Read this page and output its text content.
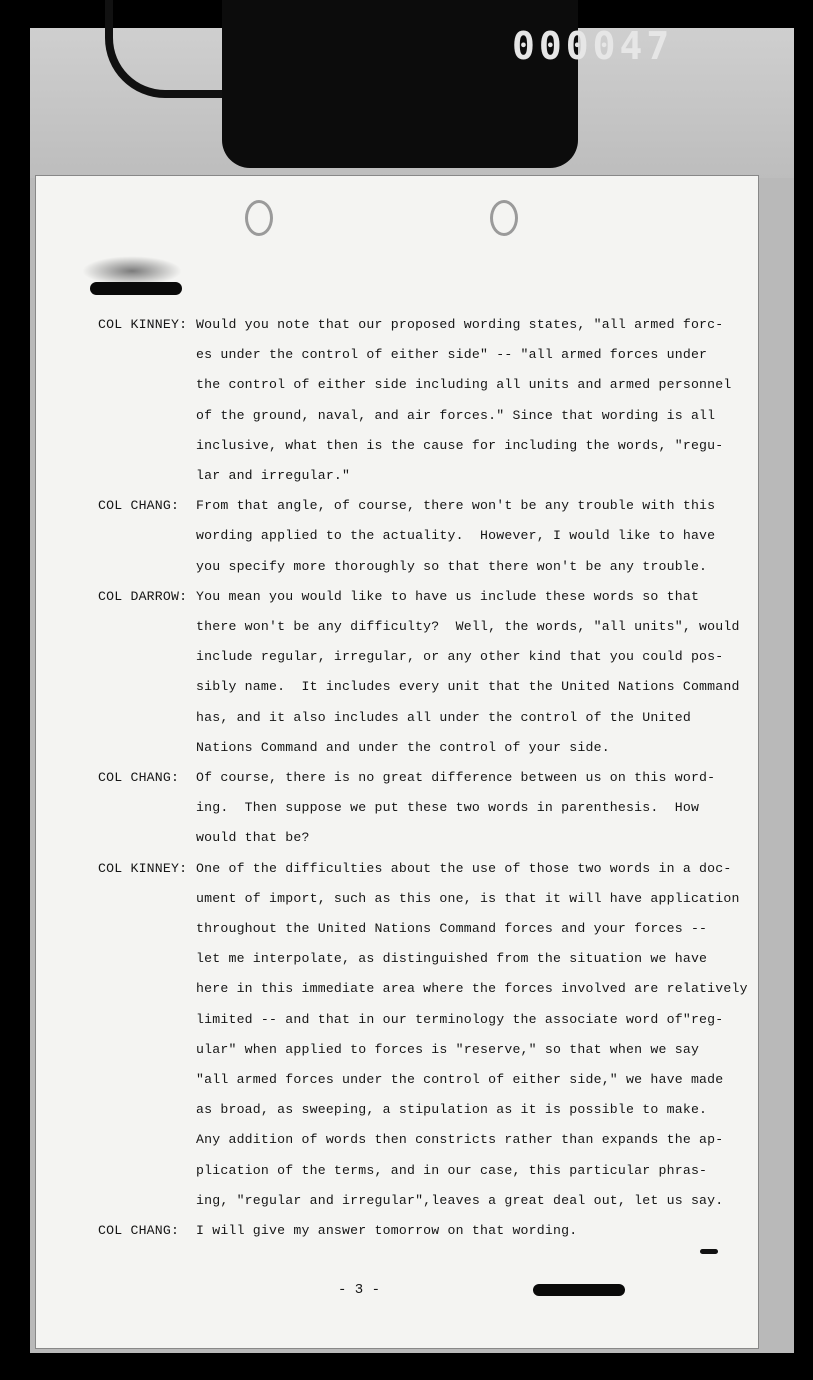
000047
COL KINNEY: Would you note that our proposed wording states, "all armed forc-
es under the control of either side" -- "all armed forces under
the control of either side including all units and armed personnel
of the ground, naval, and air forces." Since that wording is all
inclusive, what then is the cause for including the words, "regu-
lar and irregular."
COL CHANG: From that angle, of course, there won't be any trouble with this
wording applied to the actuality.  However, I would like to have
you specify more thoroughly so that there won't be any trouble.
COL DARROW: You mean you would like to have us include these words so that
there won't be any difficulty?  Well, the words, "all units", would
include regular, irregular, or any other kind that you could pos-
sibly name.  It includes every unit that the United Nations Command
has, and it also includes all under the control of the United
Nations Command and under the control of your side.
COL CHANG: Of course, there is no great difference between us on this word-
ing.  Then suppose we put these two words in parenthesis.  How
would that be?
COL KINNEY: One of the difficulties about the use of those two words in a doc-
ument of import, such as this one, is that it will have application
throughout the United Nations Command forces and your forces --
let me interpolate, as distinguished from the situation we have
here in this immediate area where the forces involved are relatively
limited -- and that in our terminology the associate word of"reg-
ular" when applied to forces is "reserve," so that when we say
"all armed forces under the control of either side," we have made
as broad, as sweeping, a stipulation as it is possible to make.
Any addition of words then constricts rather than expands the ap-
plication of the terms, and in our case, this particular phras-
ing, "regular and irregular",leaves a great deal out, let us say.
COL CHANG: I will give my answer tomorrow on that wording.
- 3 -
